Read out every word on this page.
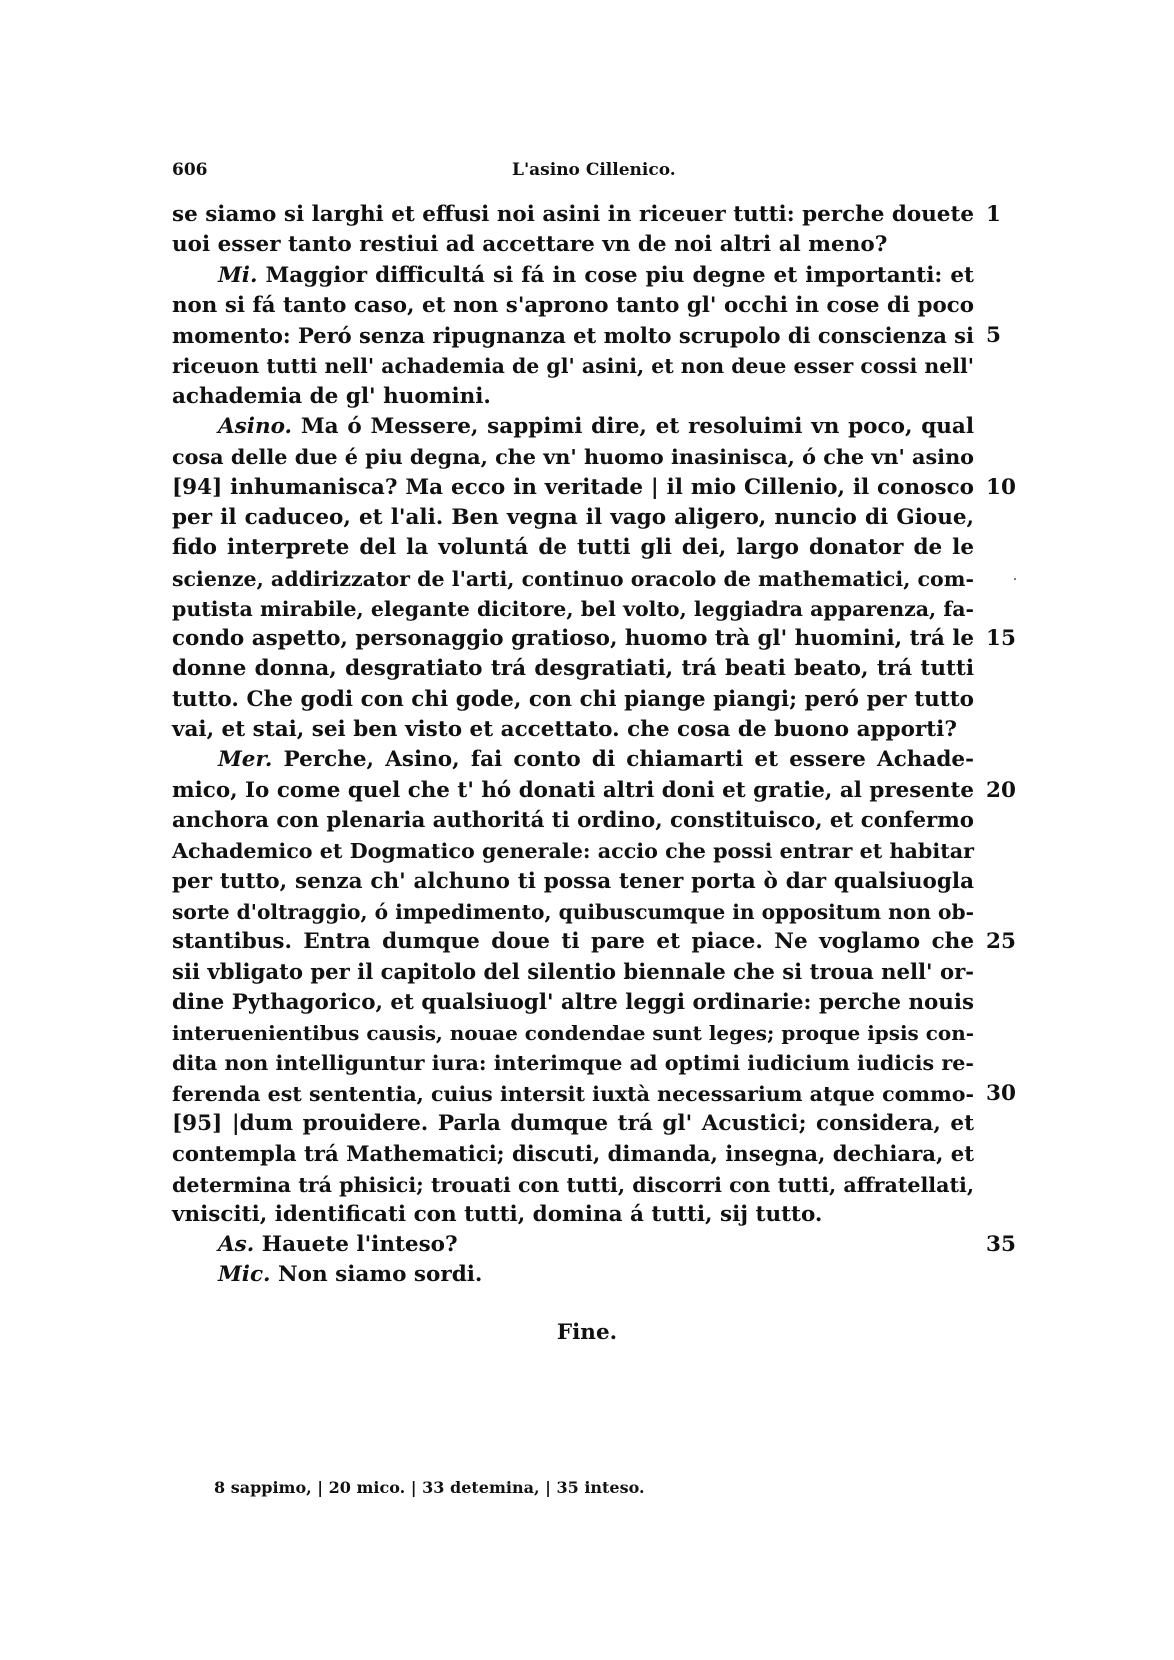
606	L'asino Cillenico.
se siamo si larghi et effusi noi asini in riceuer tutti: perche douete 1
uoi esser tanto restiui ad accettare vn de noi altri al meno?
Mi. Maggior difficultá si fá in cose piu degne et importanti: et
non si fá tanto caso, et non s'aprono tanto gl' occhi in cose di poco
momento: Peró senza ripugnanza et molto scrupolo di conscienza si 5
riceuon tutti nell' achademia de gl' asini, et non deue esser cossi nell'
achademia de gl' huomini.
Asino. Ma ó Messere, sappimi dire, et resoluimi vn poco, qual
cosa delle due é piu degna, che vn' huomo inasinisca, ó che vn' asino
[94] inhumanisca? Ma ecco in veritade | il mio Cillenio, il conosco 10
per il caduceo, et l'ali. Ben vegna il vago aligero, nuncio di Gioue,
fido interprete del la voluntá de tutti gli dei, largo donator de le
scienze, addirizzator de l'arti, continuo oracolo de mathematici, com-
putista mirabile, elegante dicitore, bel volto, leggiadra apparenza, fa-
condo aspetto, personaggio gratioso, huomo trà gl' huomini, trá le 15
donne donna, desgratiato trá desgratiati, trá beati beato, trá tutti
tutto. Che godi con chi gode, con chi piange piangi; peró per tutto
vai, et stai, sei ben visto et accettato. che cosa de buono apporti?
Mer. Perche, Asino, fai conto di chiamarti et essere Achade-
mico, Io come quel che t' hó donati altri doni et gratie, al presente 20
anchora con plenaria authoritá ti ordino, constituisco, et confermo
Achademico et Dogmatico generale: accio che possi entrar et habitar
per tutto, senza ch' alchuno ti possa tener porta ò dar qualsiuogla
sorte d'oltraggio, ó impedimento, quibuscumque in oppositum non ob-
stantibus. Entra dumque doue ti pare et piace. Ne voglamo che 25
sii vbligato per il capitolo del silentio biennale che si troua nell' or-
dine Pythagorico, et qualsiuogl' altre leggi ordinarie: perche nouis
interuenientibus causis, nouae condendae sunt leges; proque ipsis con-
dita non intelliguntur iura: interimque ad optimi iudicium iudicis re-
ferenda est sententia, cuius intersit iuxtà necessarium atque commo- 30
[95] |dum prouidere. Parla dumque trá gl' Acustici; considera, et
contempla trá Mathematici; discuti, dimanda, insegna, dechiara, et
determina trá phisici; trouati con tutti, discorri con tutti, affratellati,
vnisciti, identificati con tutti, domina á tutti, sij tutto.
As. Hauete l'inteso?	35
Mic. Non siamo sordi.
Fine.
8 sappimo, | 20 mico. | 33 detemina, | 35 inteso.
